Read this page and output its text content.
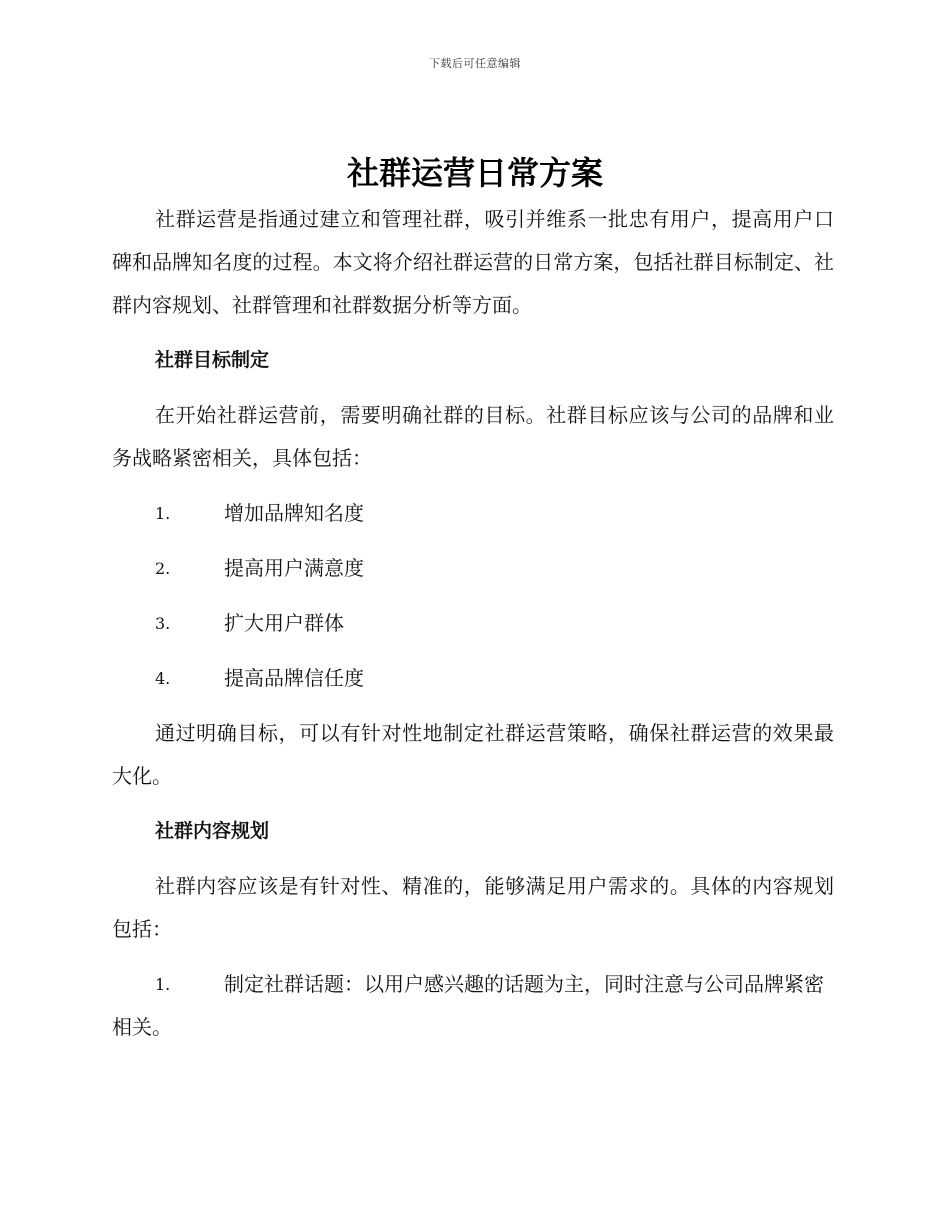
下载后可任意编辑
社群运营日常方案

社群运营是指通过建立和管理社群，吸引并维系一批忠有用户，提高用户口碑和品牌知名度的过程。本文将介绍社群运营的日常方案，包括社群目标制定、社群内容规划、社群管理和社群数据分析等方面。

社群目标制定

在开始社群运营前，需要明确社群的目标。社群目标应该与公司的品牌和业务战略紧密相关，具体包括：

1.	增加品牌知名度

2.	提高用户满意度

3.	扩大用户群体

4.	提高品牌信任度

通过明确目标，可以有针对性地制定社群运营策略，确保社群运营的效果最大化。

社群内容规划

社群内容应该是有针对性、精准的，能够满足用户需求的。具体的内容规划包括：

1.	制定社群话题：以用户感兴趣的话题为主，同时注意与公司品牌紧密相关。
